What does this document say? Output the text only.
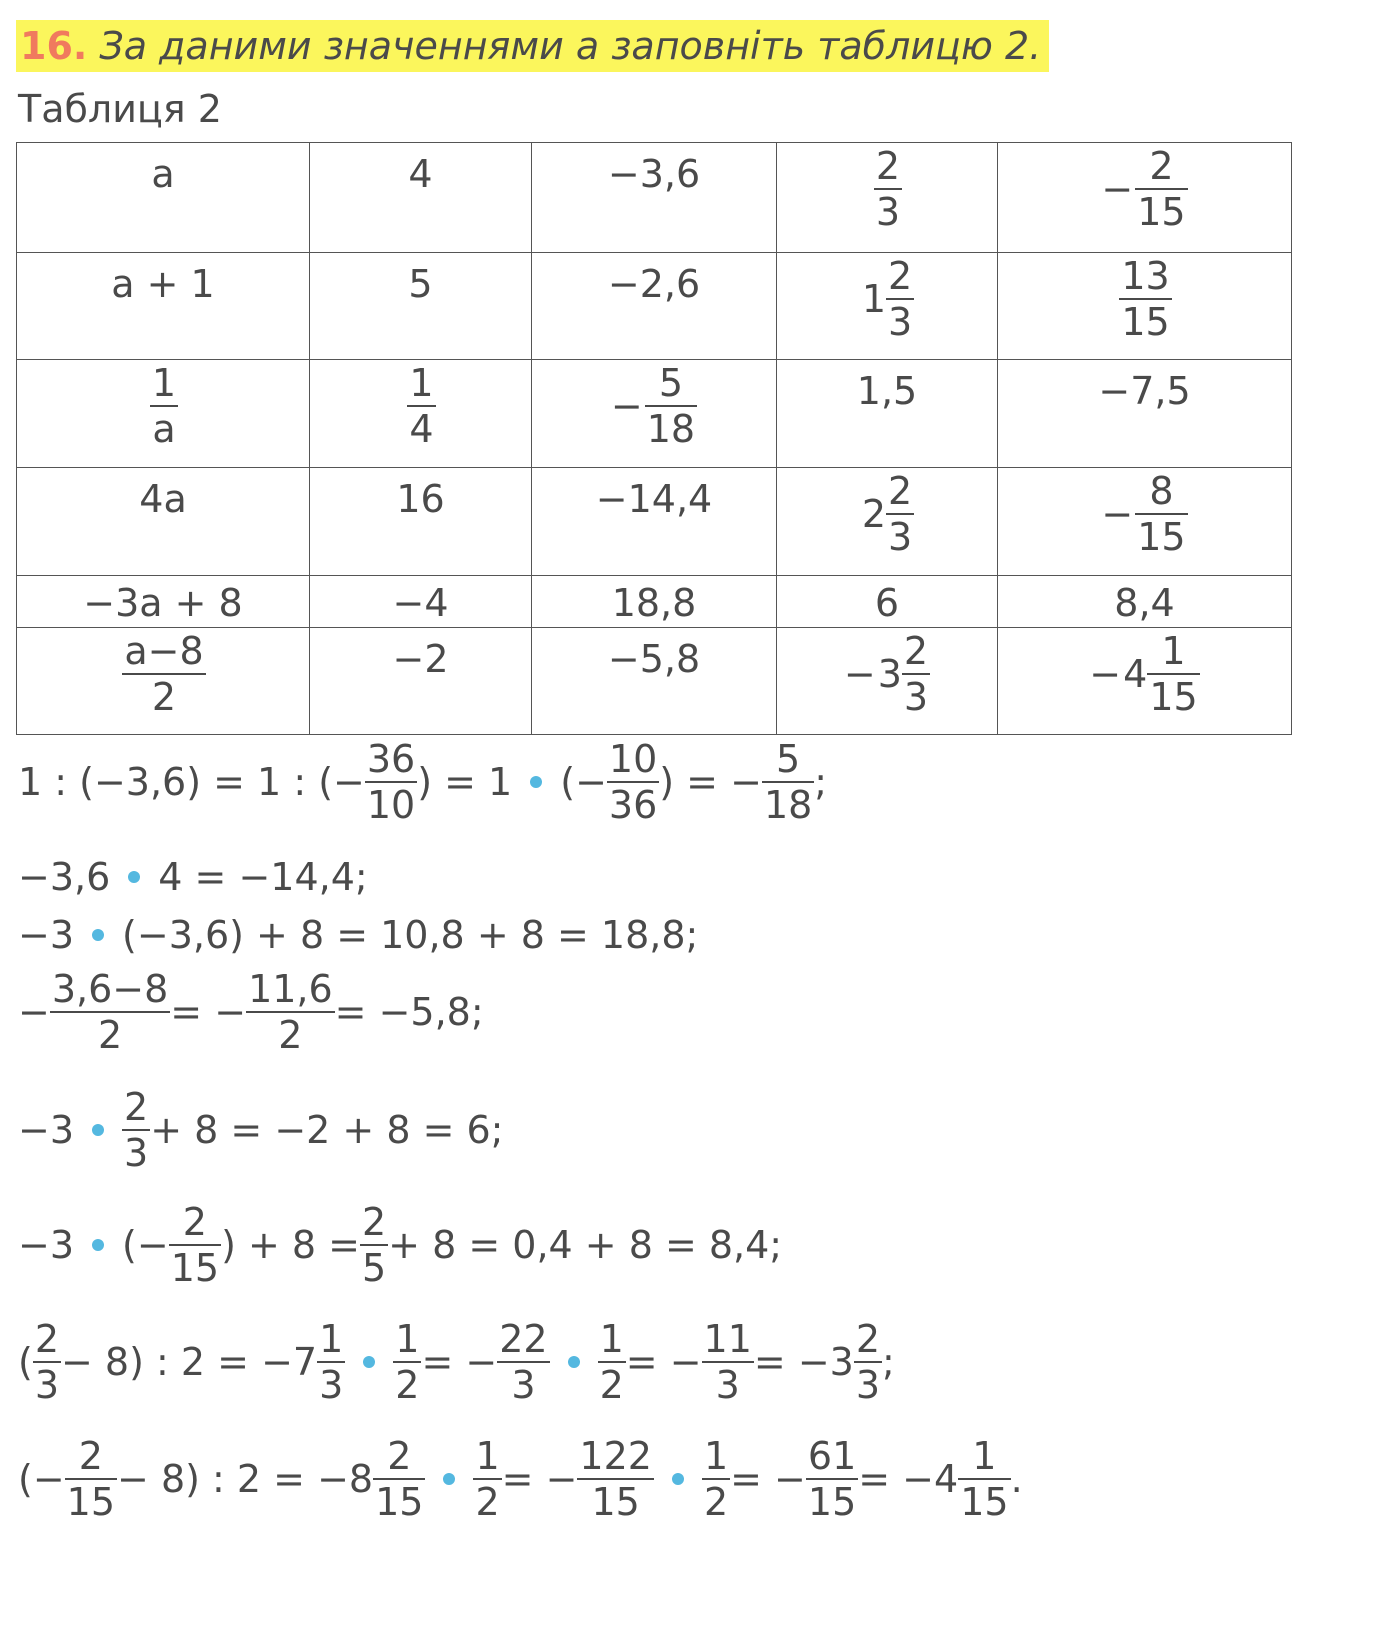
16. За даними значеннями a заповніть таблицю 2.
Таблиця 2
a	4	−3,6	$\frac{2}{3}$	− $\frac{2}{15}$

a + 1	5	−2,6	$1 \frac{2}{3}$	$\frac{13}{15}$

$\frac{1}{a}$	$\frac{1}{4}$	− $\frac{5}{18}$	1,5	−7,5
4a	16	−14,4	$2 \frac{2}{3}$	− $\frac{8}{15}$

−3a + 8	−4	18,8	6	8,4

$\frac{a-8}{2}$	−2	−5,8	− $3 \frac{2}{3}$	− $4 \frac{1}{15}$
1 : (−3,6) = 1 : ( − $\frac{36}{10}$ ) = 1 ( − $\frac{10}{36}$ ) = − $\frac{5}{18}$ ;
−3,6 4 = −14,4;
−3 (−3,6) + 8 = 10,8 + 8 = 18,8;
− $\frac{3,6-8}{2}$ = − $\frac{11,6}{2} = -5,8$;
$-3 \frac{2}{3} + 8 = -2 + 8 = 6$;
−3 (− $\frac{2}{15}$ ) + $8 = \frac{2}{5} + 8 = 0,4 + 8 = 8,4$;
( $\frac{2}{3} - 8$) : $2 = -7 \frac{1}{3} \frac{1}{2}$ = − $\frac{22}{3} \frac{1}{2}$ = − $\frac{11}{3} = -3 \frac{2}{3}$ ;
(− $\frac{2}{15} - 8$) : $2 = -8 \frac{2}{15} \frac{1}{2}$ = − $\frac{122}{15} \frac{1}{2}$ = − $\frac{61}{15} = -4 \frac{1}{15}$ .
